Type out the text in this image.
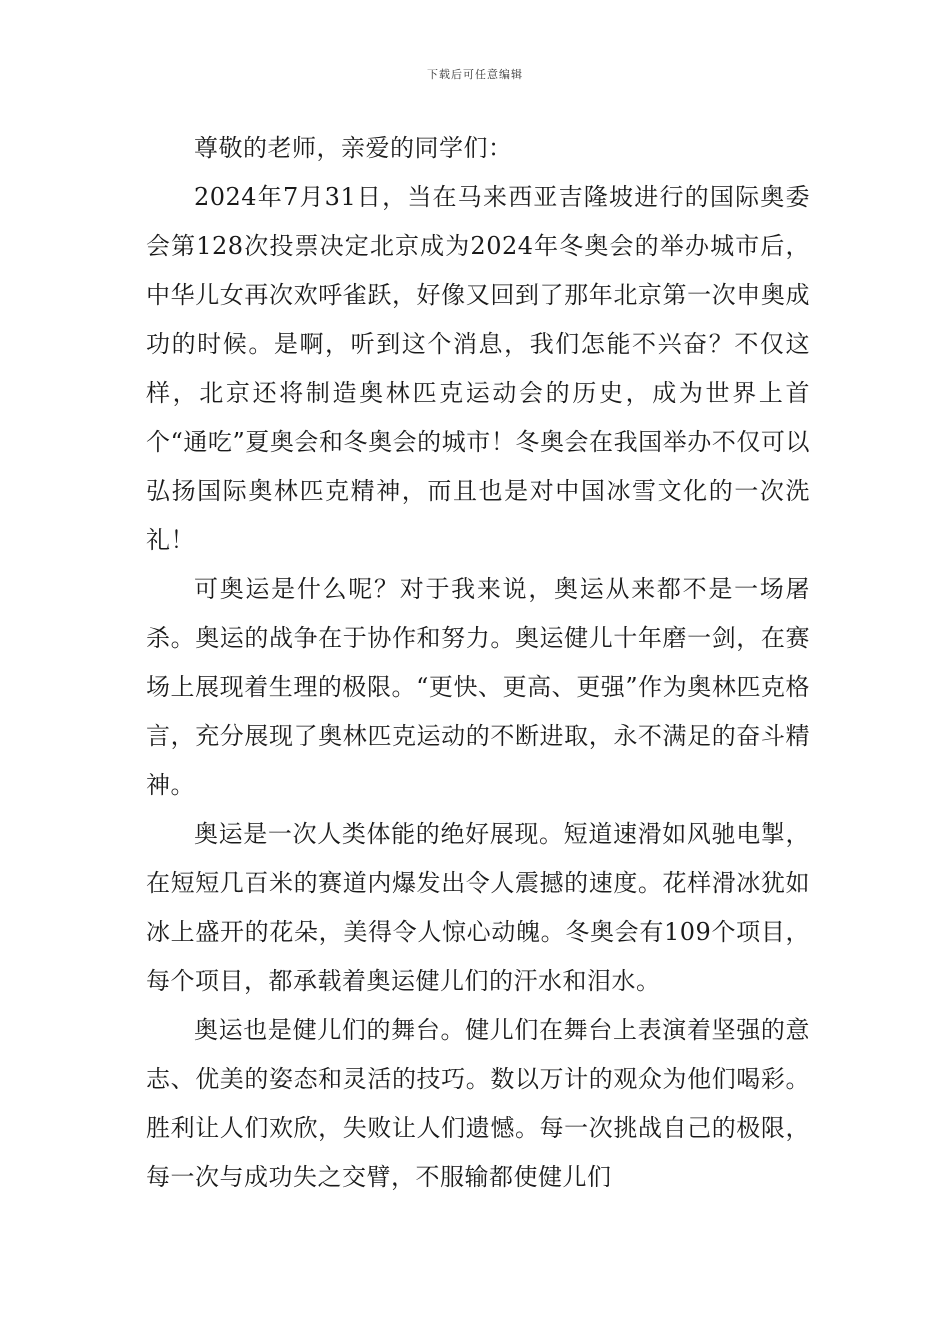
下载后可任意编辑

尊敬的老师，亲爱的同学们：

2024年7月31日，当在马来西亚吉隆坡进行的国际奥委会第128次投票决定北京成为2024年冬奥会的举办城市后，中华儿女再次欢呼雀跃，好像又回到了那年北京第一次申奥成功的时候。是啊，听到这个消息，我们怎能不兴奋？不仅这样，北京还将制造奥林匹克运动会的历史，成为世界上首个“通吃”夏奥会和冬奥会的城市！冬奥会在我国举办不仅可以弘扬国际奥林匹克精神，而且也是对中国冰雪文化的一次洗礼！

可奥运是什么呢？对于我来说，奥运从来都不是一场屠 杀。奥运的战争在于协作和努力。奥运健儿十年磨一剑，在赛场上展现着生理的极限。“更快、更高、更强”作为奥林匹克格言，充分展现了奥林匹克运动的不断进取，永不满足的奋斗精神。

奥运是一次人类体能的绝好展现。短道速滑如风驰电掣，在短短几百米的赛道内爆发出令人震撼的速度。花样滑冰犹如冰上盛开的花朵，美得令人惊心动魄。冬奥会有109个项目，每个项目，都承载着奥运健儿们的汗水和泪水。

奥运也是健儿们的舞台。健儿们在舞台上表演着坚强的意志、优美的姿态和灵活的技巧。数以万计的观众为他们喝彩。胜利让人们欢欣，失败让人们遗憾。每一次挑战自己的极限，每一次与成功失之交臂，不服输都使健儿们
